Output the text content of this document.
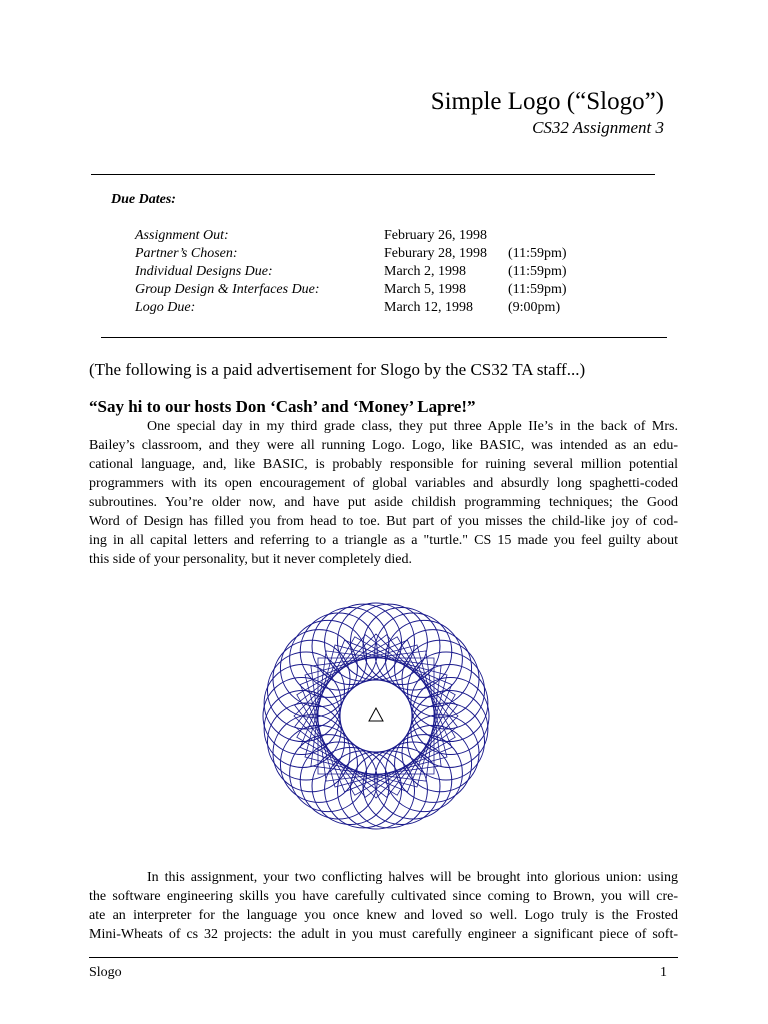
Simple Logo (“Slogo”)
CS32 Assignment 3
Due Dates:
Assignment Out:	February 26, 1998
Partner’s Chosen:	Feburary 28, 1998 (11:59pm)
Individual Designs Due:	March 2, 1998	(11:59pm)
Group Design & Interfaces Due:	March 5, 1998	(11:59pm)
Logo Due:	March 12, 1998 (9:00pm)
(The following is a paid advertisement for Slogo by the CS32 TA staff...)
“Say hi to our hosts Don ‘Cash’ and ‘Money’ Lapre!”
One special day in my third grade class, they put three Apple IIe’s in the back of Mrs.
Bailey’s classroom, and they were all running Logo. Logo, like BASIC, was intended as an edu-
cational language, and, like BASIC, is probably responsible for ruining several million potential
programmers with its open encouragement of global variables and absurdly long spaghetti-coded
subroutines. You’re older now, and have put aside childish programming techniques; the Good
Word of Design has filled you from head to toe. But part of you misses the child-like joy of cod-
ing in all capital letters and referring to a triangle as a "turtle." CS 15 made you feel guilty about
this side of your personality, but it never completely died.
In this assignment, your two conflicting halves will be brought into glorious union: using
the software engineering skills you have carefully cultivated since coming to Brown, you will cre-
ate an interpreter for the language you once knew and loved so well. Logo truly is the Frosted
Mini-Wheats of cs 32 projects: the adult in you must carefully engineer a significant piece of soft-
Slogo	1
